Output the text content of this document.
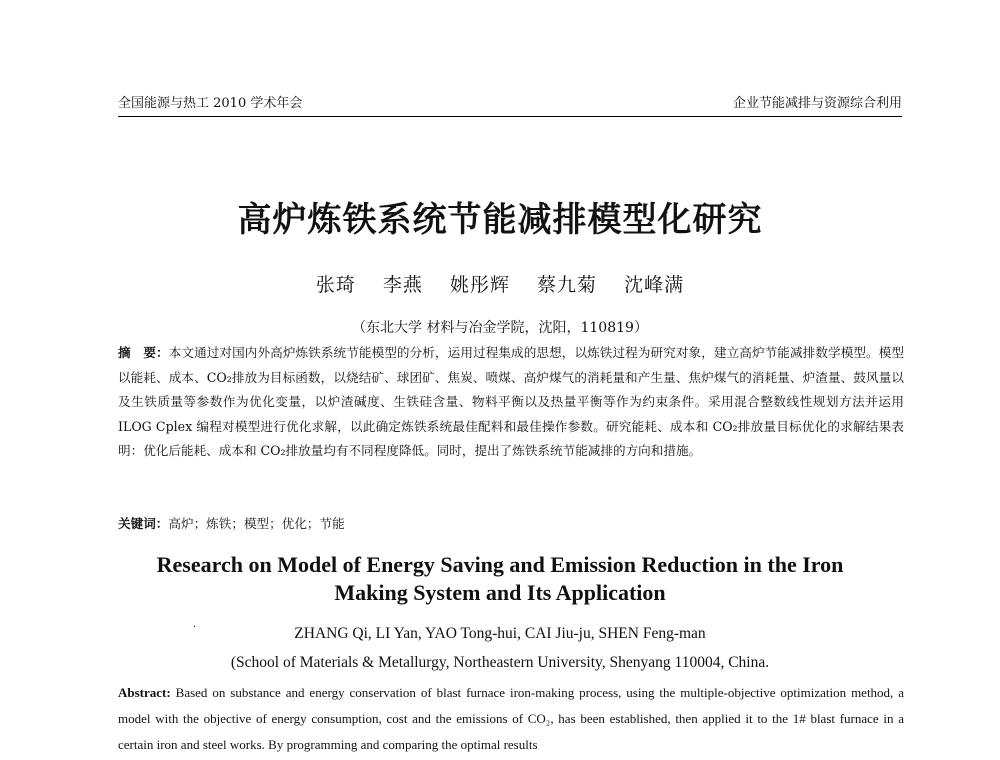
全国能源与热工 2010 学术年会	企业节能减排与资源综合利用
高炉炼铁系统节能减排模型化研究
张琦 李燕 姚彤辉 蔡九菊 沈峰满
（东北大学 材料与冶金学院，沈阳，110819）
摘　要：本文通过对国内外高炉炼铁系统节能模型的分析，运用过程集成的思想，以炼铁过程为研究对象，建立高炉节能减排数学模型。模型以能耗、成本、CO₂排放为目标函数，以烧结矿、球团矿、焦炭、喷煤、高炉煤气的消耗量和产生量、焦炉煤气的消耗量、炉渣量、鼓风量以及生铁质量等参数作为优化变量，以炉渣碱度、生铁硅含量、物料平衡以及热量平衡等作为约束条件。采用混合整数线性规划方法并运用 ILOG Cplex 编程对模型进行优化求解，以此确定炼铁系统最佳配料和最佳操作参数。研究能耗、成本和 CO₂排放量目标优化的求解结果表明：优化后能耗、成本和 CO₂排放量均有不同程度降低。同时，提出了炼铁系统节能减排的方向和措施。
关键词：高炉；炼铁；模型；优化；节能
Research on Model of Energy Saving and Emission Reduction in the Iron Making System and Its Application
·	ZHANG Qi, LI Yan, YAO Tong-hui, CAI Jiu-ju, SHEN Feng-man
(School of Materials & Metallurgy, Northeastern University, Shenyang 110004, China.
Abstract: Based on substance and energy conservation of blast furnace iron-making process, using the multiple-objective optimization method, a model with the objective of energy consumption, cost and the emissions of CO₂, has been established, then applied it to the 1# blast furnace in a certain iron and steel works. By programming and comparing the optimal results
